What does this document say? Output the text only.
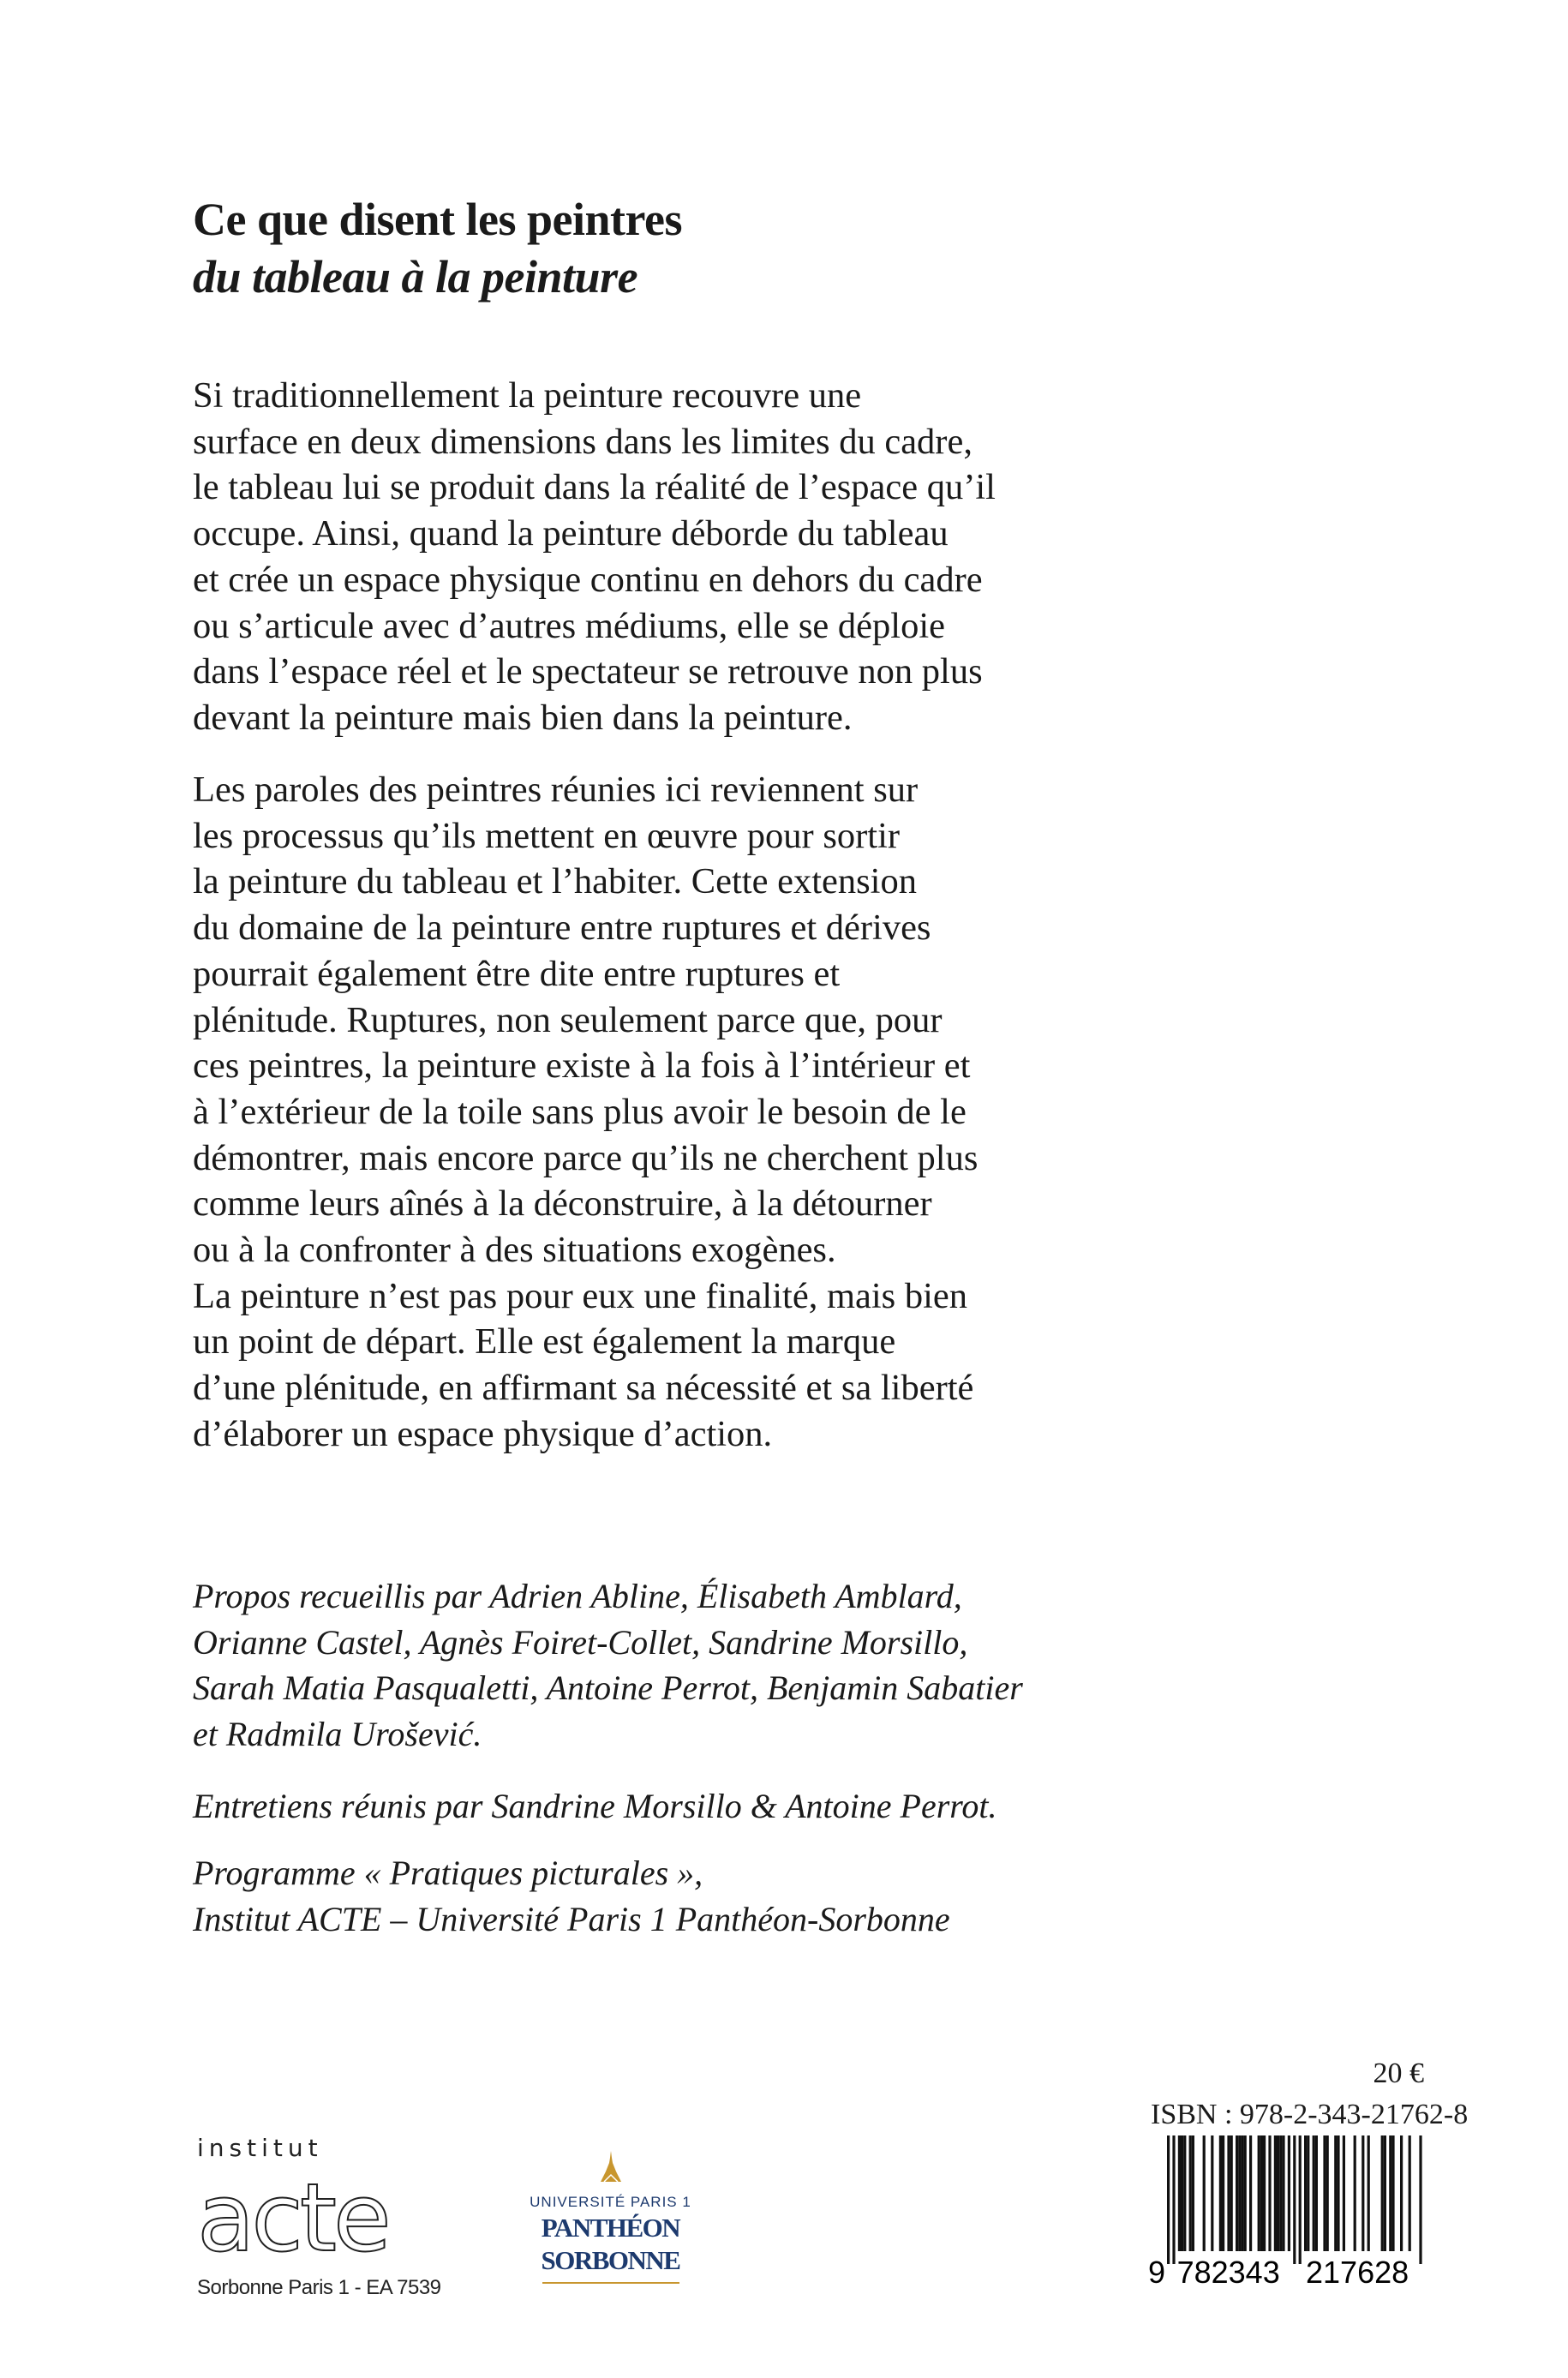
Ce que disent les peintres
du tableau à la peinture
Si traditionnellement la peinture recouvre une
surface en deux dimensions dans les limites du cadre,
le tableau lui se produit dans la réalité de l’espace qu’il
occupe. Ainsi, quand la peinture déborde du tableau
et crée un espace physique continu en dehors du cadre
ou s’articule avec d’autres médiums, elle se déploie
dans l’espace réel et le spectateur se retrouve non plus
devant la peinture mais bien dans la peinture.
Les paroles des peintres réunies ici reviennent sur
les processus qu’ils mettent en œuvre pour sortir
la peinture du tableau et l’habiter. Cette extension
du domaine de la peinture entre ruptures et dérives
pourrait également être dite entre ruptures et
plénitude. Ruptures, non seulement parce que, pour
ces peintres, la peinture existe à la fois à l’intérieur et
à l’extérieur de la toile sans plus avoir le besoin de le
démontrer, mais encore parce qu’ils ne cherchent plus
comme leurs aînés à la déconstruire, à la détourner
ou à la confronter à des situations exogènes.
La peinture n’est pas pour eux une finalité, mais bien
un point de départ. Elle est également la marque
d’une plénitude, en affirmant sa nécessité et sa liberté
d’élaborer un espace physique d’action.
Propos recueillis par Adrien Abline, Élisabeth Amblard,
Orianne Castel, Agnès Foiret-Collet, Sandrine Morsillo,
Sarah Matia Pasqualetti, Antoine Perrot, Benjamin Sabatier
et Radmila Urošević.
Entretiens réunis par Sandrine Morsillo & Antoine Perrot.
Programme « Pratiques picturales »,
Institut ACTE – Université Paris 1 Panthéon-Sorbonne
institut
acte
Sorbonne Paris 1 - EA 7539
UNIVERSITÉ PARIS 1
PANTHÉON SORBONNE
20 €
ISBN : 978-2-343-21762-8
9 782343 217628
